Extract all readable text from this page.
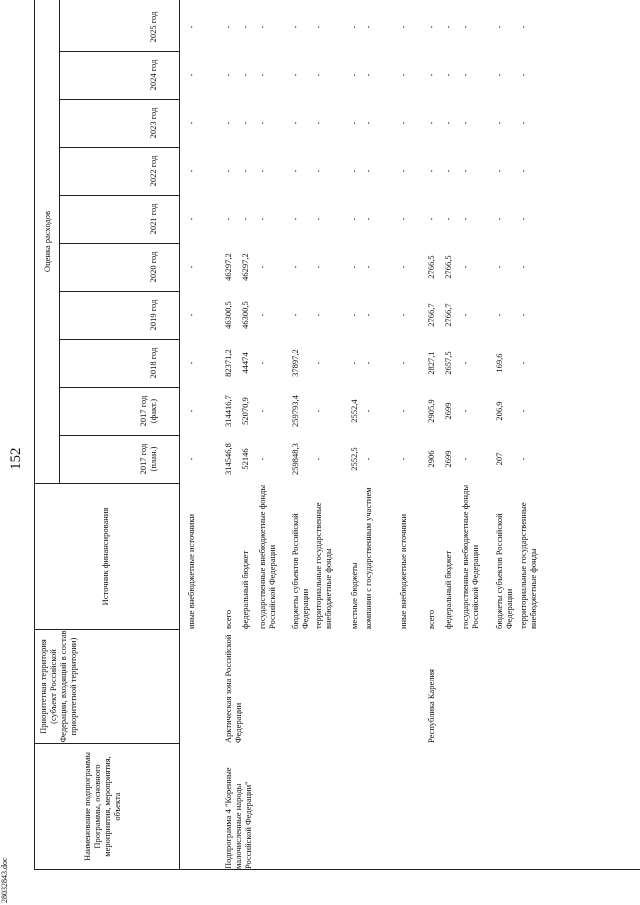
152
28032843.doc
Наименование подпрограммы Программы, основного мероприятия, мероприятия, объекта
Приоритетная территория (субъект Российской Федерации, входящий в состав приоритетной территории)
Источник финансирования
Оценка расходов
2017 год (план.)
2017 год (факт.)
2018 год
2019 год
2020 год
2021 год
2022 год
2023 год
2024 год
2025 год
иные внебюджетные источники
-
-
-
-
-
-
-
-
-
-
Подпрограмма 4 "Коренные малочисленные народы Российской Федерации"
Арктическая зона Российской Федерации
всего
314546,8
314416,7
82371,2
46300,5
46297,2
-
-
-
-
-
федеральный бюджет
52146
52070,9
44474
46300,5
46297,2
-
-
-
-
-
государственные внебюджетные фонды Российской Федерации
-
-
-
-
-
-
-
-
-
-
бюджеты субъектов Российской Федерации
259848,3
259793,4
37897,2
-
-
-
-
-
-
-
территориальные государственные внебюджетные фонды
-
-
-
-
-
-
-
-
-
-
местные бюджеты
2552,5
2552,4
-
-
-
-
-
-
-
-
компании с государственным участием
-
-
-
-
-
-
-
-
-
-
иные внебюджетные источники
-
-
-
-
-
-
-
-
-
-
Республика Карелия
всего
2906
2905,9
2827,1
2766,7
2766,5
-
-
-
-
-
федеральный бюджет
2699
2699
2657,5
2766,7
2766,5
-
-
-
-
-
государственные внебюджетные фонды Российской Федерации
-
-
-
-
-
-
-
-
-
-
бюджеты субъектов Российской Федерации
207
206,9
169,6
-
-
-
-
-
-
-
территориальные государственные внебюджетные фонды
-
-
-
-
-
-
-
-
-
-
